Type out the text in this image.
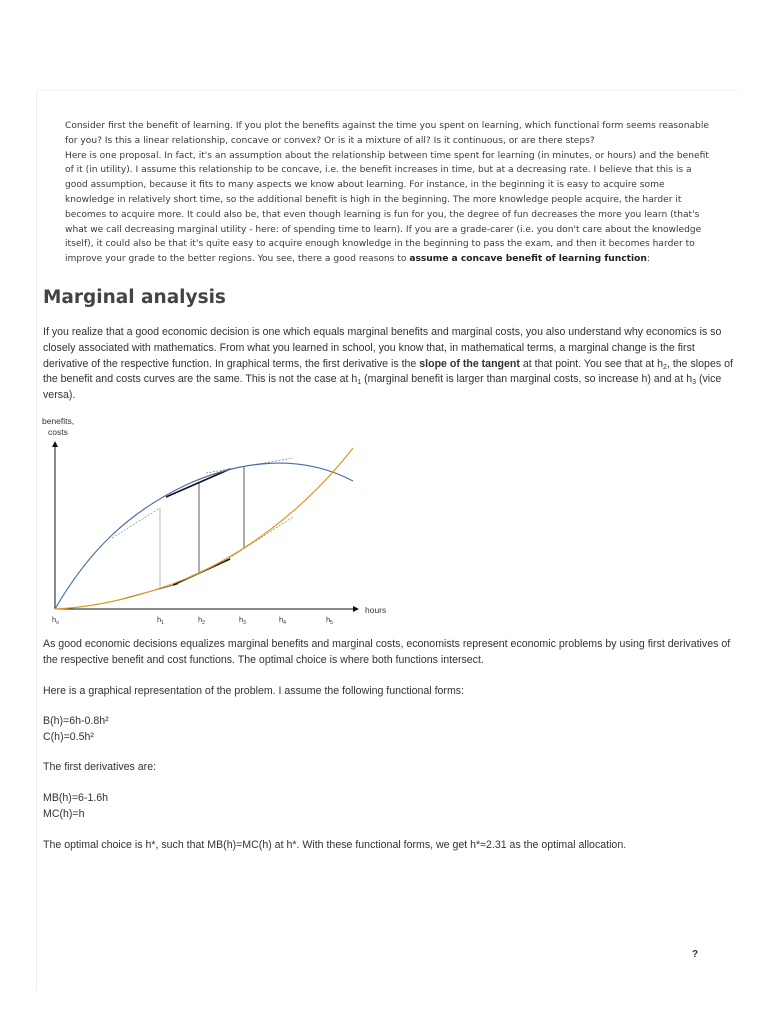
Consider first the benefit of learning. If you plot the benefits against the time you spent on learning, which functional form seems reasonable for you? Is this a linear relationship, concave or convex? Or is it a mixture of all? Is it continuous, or are there steps?

Here is one proposal. In fact, it's an assumption about the relationship between time spent for learning (in minutes, or hours) and the benefit of it (in utility). I assume this relationship to be concave, i.e. the benefit increases in time, but at a decreasing rate. I believe that this is a good assumption, because it fits to many aspects we know about learning. For instance, in the beginning it is easy to acquire some knowledge in relatively short time, so the additional benefit is high in the beginning. The more knowledge people acquire, the harder it becomes to acquire more. It could also be, that even though learning is fun for you, the degree of fun decreases the more you learn (that's what we call decreasing marginal utility - here: of spending time to learn). If you are a grade-carer (i.e. you don't care about the knowledge itself), it could also be that it's quite easy to acquire enough knowledge in the beginning to pass the exam, and then it becomes harder to improve your grade to the better regions. You see, there a good reasons to assume a concave benefit of learning function:

Marginal analysis

If you realize that a good economic decision is one which equals marginal benefits and marginal costs, you also understand why economics is so closely associated with mathematics. From what you learned in school, you know that, in mathematical terms, a marginal change is the first derivative of the respective function. In graphical terms, the first derivative is the slope of the tangent at that point. You see that at $h_2$, the slopes of the benefit and costs curves are the same. This is not the case at $h_1$ (marginal benefit is larger than marginal costs, so increase h) and at $h_3$ (vice versa).

benefits,
costs
hours
$h_o$	$h_1$	$h_2$	$h_3$	$h_4$	$h_5$

As good economic decisions equalizes marginal benefits and marginal costs, economists represent economic problems by using first derivatives of the respective benefit and cost functions. The optimal choice is where both functions intersect.

Here is a graphical representation of the problem. I assume the following functional forms:

B(h)=6h-0.8h²

C(h)=0.5h²

The first derivatives are:

MB(h)=6-1.6h

MC(h)=h

The optimal choice is h*, such that MB(h)=MC(h) at h*. With these functional forms, we get h*≈2.31 as the optimal allocation.

?
